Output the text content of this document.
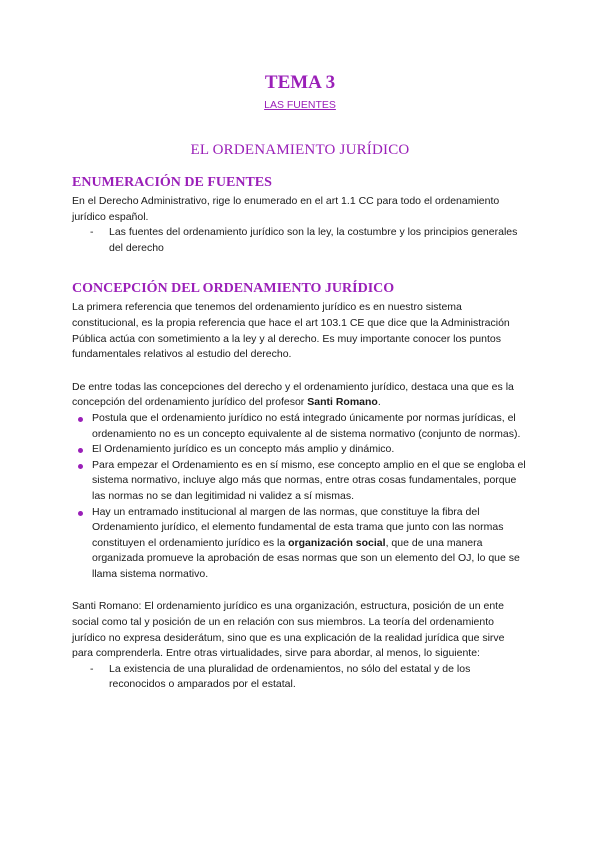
TEMA 3
LAS FUENTES
EL ORDENAMIENTO JURÍDICO
ENUMERACIÓN DE FUENTES

En el Derecho Administrativo, rige lo enumerado en el art 1.1 CC para todo el ordenamiento jurídico español.

- Las fuentes del ordenamiento jurídico son la ley, la costumbre y los principios generales del derecho
CONCEPCIÓN DEL ORDENAMIENTO JURÍDICO

La primera referencia que tenemos del ordenamiento jurídico es en nuestro sistema constitucional, es la propia referencia que hace el art 103.1 CE que dice que la Administración Pública actúa con sometimiento a la ley y al derecho. Es muy importante conocer los puntos fundamentales relativos al estudio del derecho.

De entre todas las concepciones del derecho y el ordenamiento jurídico, destaca una que es la concepción del ordenamiento jurídico del profesor Santi Romano.

Postula que el ordenamiento jurídico no está integrado únicamente por normas jurídicas, el ordenamiento no es un concepto equivalente al de sistema normativo (conjunto de normas).
El Ordenamiento jurídico es un concepto más amplio y dinámico.
Para empezar el Ordenamiento es en sí mismo, ese concepto amplio en el que se engloba el sistema normativo, incluye algo más que normas, entre otras cosas fundamentales, porque las normas no se dan legitimidad ni validez a sí mismas.
Hay un entramado institucional al margen de las normas, que constituye la fibra del Ordenamiento jurídico, el elemento fundamental de esta trama que junto con las normas constituyen el ordenamiento jurídico es la organización social, que de una manera organizada promueve la aprobación de esas normas que son un elemento del OJ, lo que se llama sistema normativo.

Santi Romano: El ordenamiento jurídico es una organización, estructura, posición de un ente social como tal y posición de un en relación con sus miembros. La teoría del ordenamiento jurídico no expresa desiderátum, sino que es una explicación de la realidad jurídica que sirve para comprenderla. Entre otras virtualidades, sirve para abordar, al menos, lo siguiente:

- La existencia de una pluralidad de ordenamientos, no sólo del estatal y de los reconocidos o amparados por el estatal.
